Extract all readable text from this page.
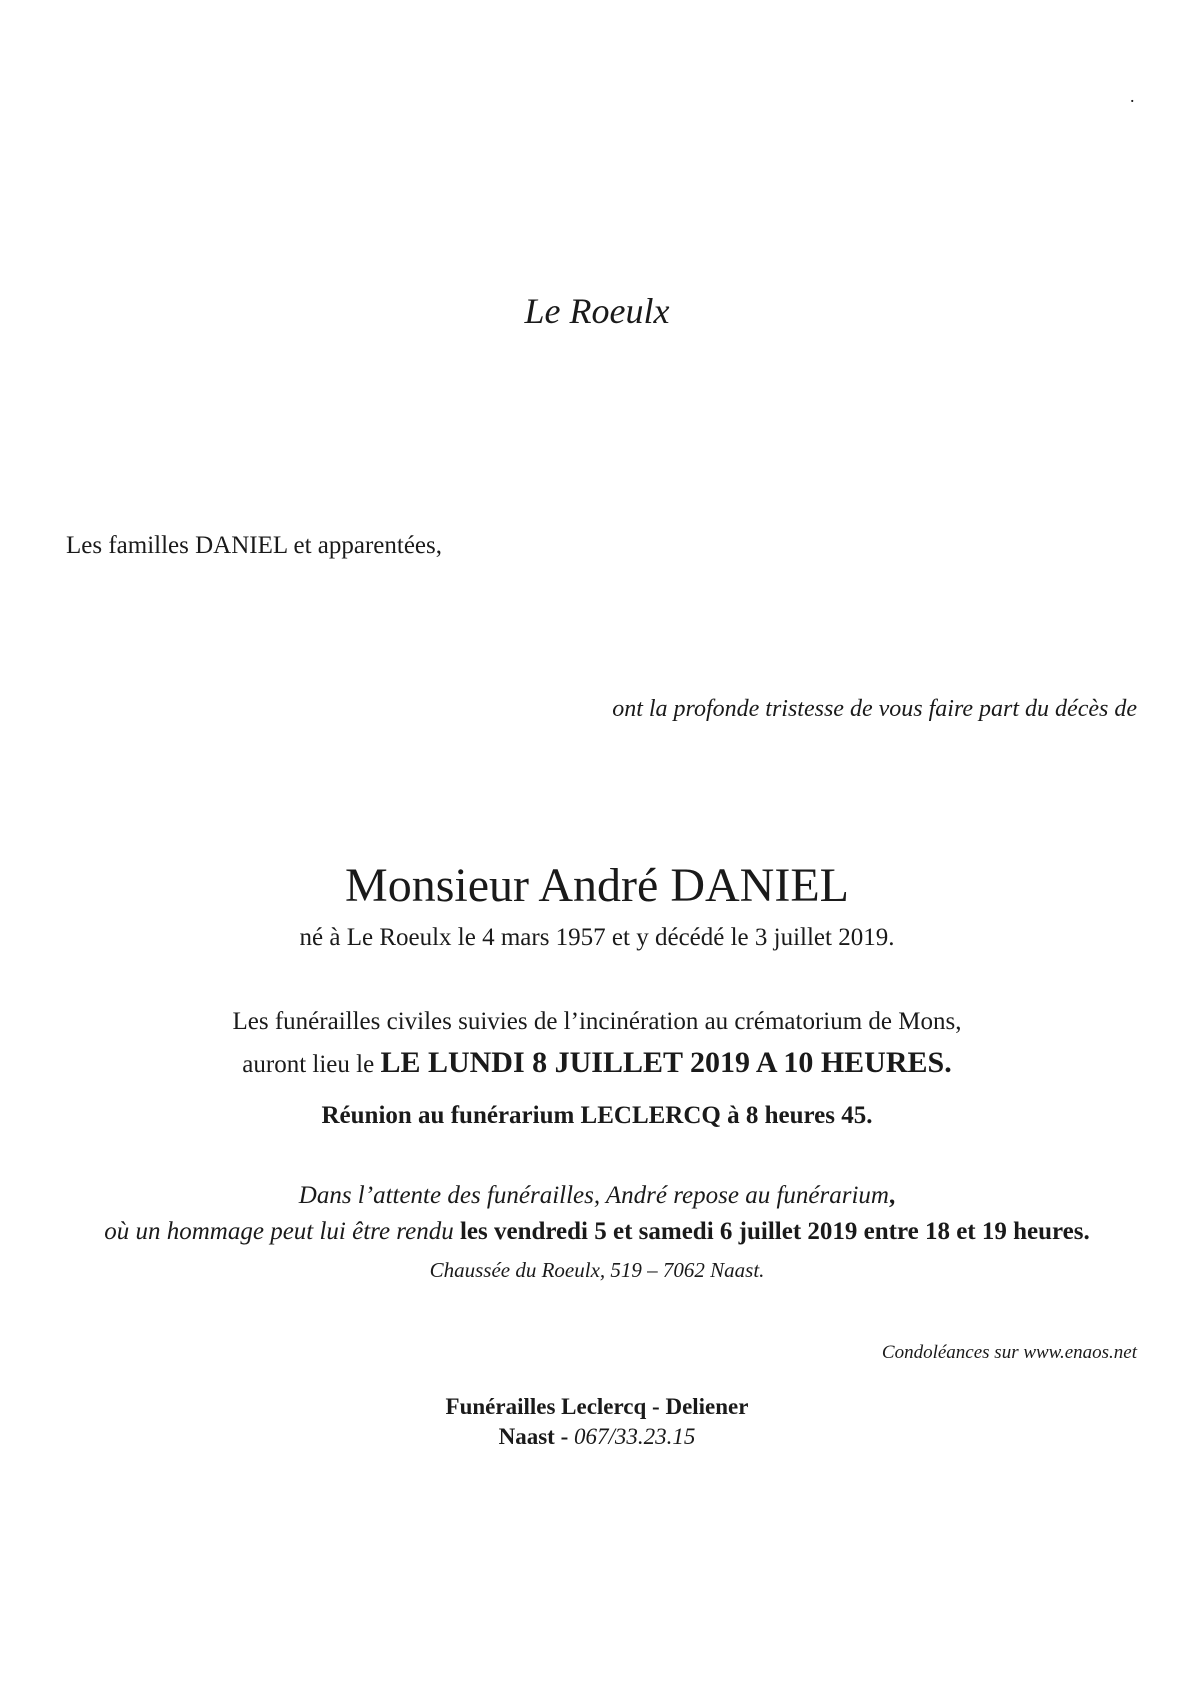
.

Le Roeulx

Les familles DANIEL et apparentées,

ont la profonde tristesse de vous faire part du décès de

Monsieur André DANIEL

né à Le Roeulx le 4 mars 1957 et y décédé le 3 juillet 2019.

Les funérailles civiles suivies de l’incinération au crématorium de Mons,

auront lieu le LE LUNDI 8 JUILLET 2019 A 10 HEURES.

Réunion au funérarium LECLERCQ à 8 heures 45.

Dans l’attente des funérailles, André repose au funérarium,

où un hommage peut lui être rendu les vendredi 5 et samedi 6 juillet 2019 entre 18 et 19 heures.

Chaussée du Roeulx, 519 – 7062 Naast.

Condoléances sur www.enaos.net

Funérailles Leclercq - Deliener

Naast - 067/33.23.15
